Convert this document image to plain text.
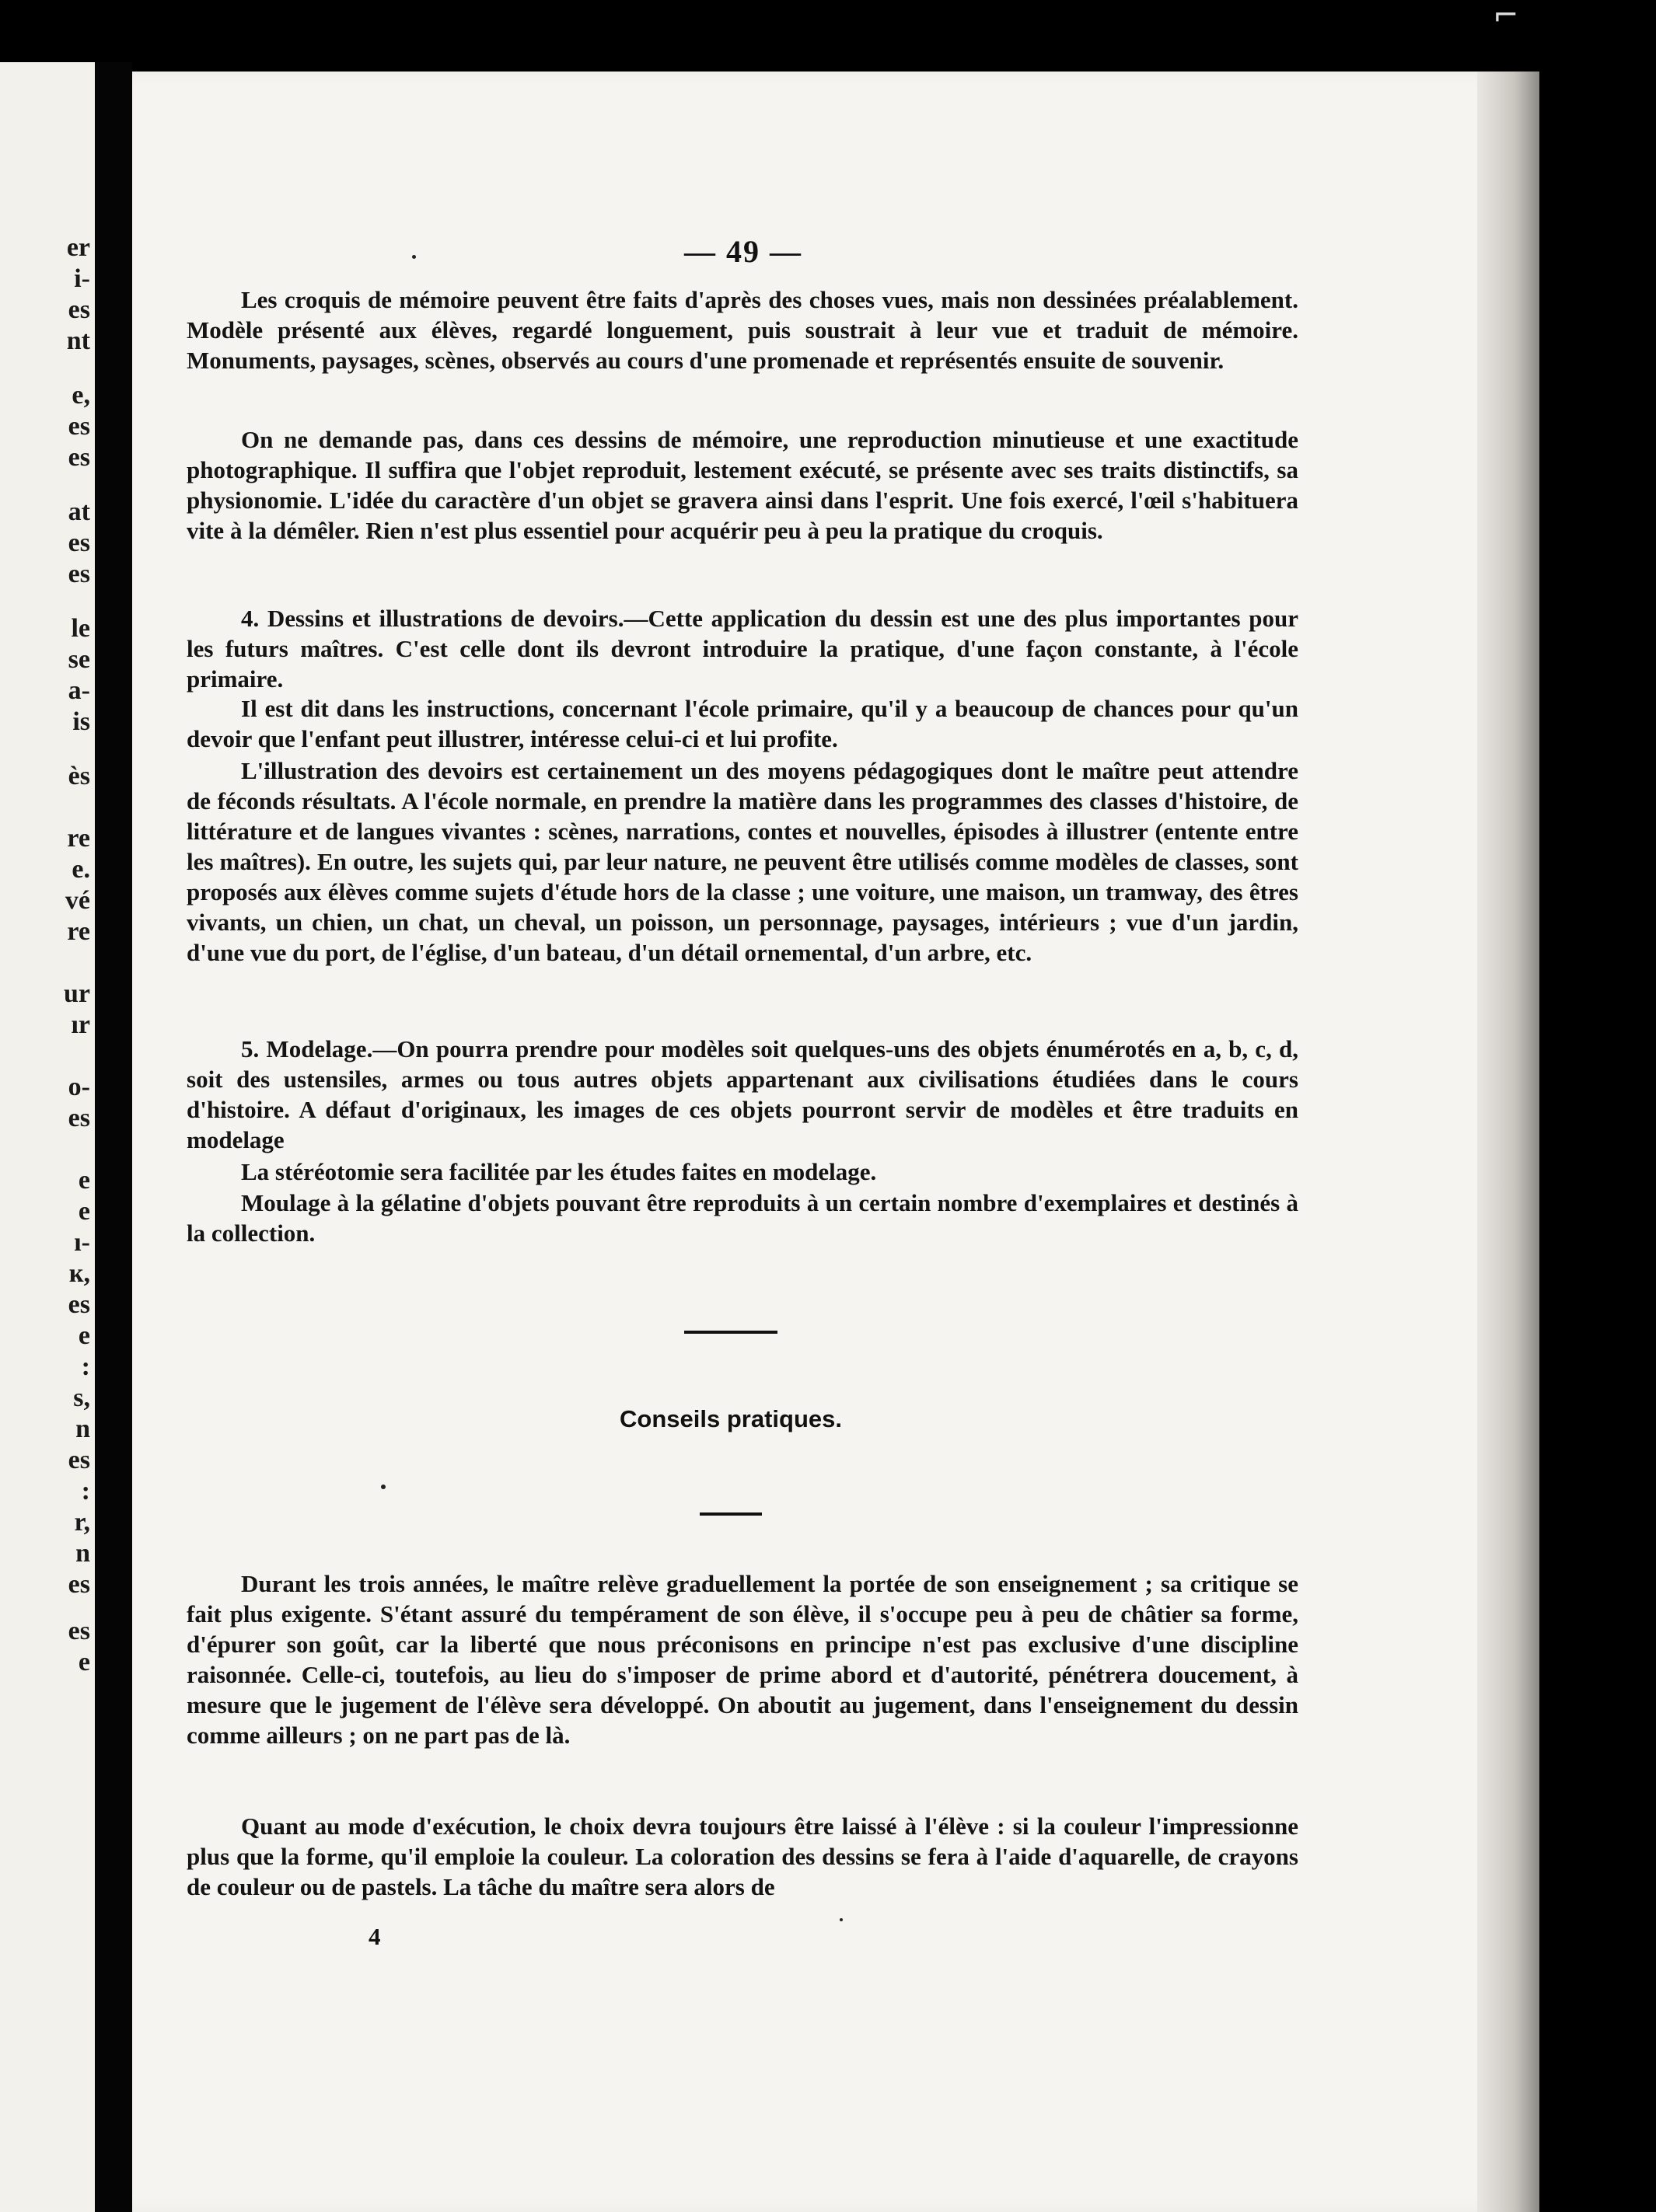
er
i-
es
nt
e,
es
es
at
es
es
le
se
a-
is
ès
re
e.
vé
re
ur
ır
o-
es
e
e
ı-
ĸ,
es
e
:
s,
n
es
:
r,
n
es
es
e
⌐
— 49 —

Les croquis de mémoire peuvent être faits d'après des choses vues, mais non dessinées préalablement. Modèle présenté aux élèves, regardé longuement, puis soustrait à leur vue et traduit de mémoire. Monuments, paysages, scènes, observés au cours d'une promenade et représentés ensuite de souvenir.

On ne demande pas, dans ces dessins de mémoire, une reproduction minutieuse et une exactitude photographique. Il suffira que l'objet reproduit, lestement exécuté, se présente avec ses traits distinctifs, sa physionomie. L'idée du caractère d'un objet se gravera ainsi dans l'esprit. Une fois exercé, l'œil s'habituera vite à la démêler. Rien n'est plus essentiel pour acquérir peu à peu la pratique du croquis.

4. Dessins et illustrations de devoirs.—Cette application du dessin est une des plus importantes pour les futurs maîtres. C'est celle dont ils devront introduire la pratique, d'une façon constante, à l'école primaire.

Il est dit dans les instructions, concernant l'école primaire, qu'il y a beaucoup de chances pour qu'un devoir que l'enfant peut illustrer, intéresse celui-ci et lui profite.

L'illustration des devoirs est certainement un des moyens pédagogiques dont le maître peut attendre de féconds résultats. A l'école normale, en prendre la matière dans les programmes des classes d'histoire, de littérature et de langues vivantes : scènes, narrations, contes et nouvelles, épisodes à illustrer (entente entre les maîtres). En outre, les sujets qui, par leur nature, ne peuvent être utilisés comme modèles de classes, sont proposés aux élèves comme sujets d'étude hors de la classe ; une voiture, une maison, un tramway, des êtres vivants, un chien, un chat, un cheval, un poisson, un personnage, paysages, intérieurs ; vue d'un jardin, d'une vue du port, de l'église, d'un bateau, d'un détail ornemental, d'un arbre, etc.

5. Modelage.—On pourra prendre pour modèles soit quelques-uns des objets énumérotés en a, b, c, d, soit des ustensiles, armes ou tous autres objets appartenant aux civilisations étudiées dans le cours d'histoire. A défaut d'originaux, les images de ces objets pourront servir de modèles et être traduits en modelage

La stéréotomie sera facilitée par les études faites en modelage.

Moulage à la gélatine d'objets pouvant être reproduits à un certain nombre d'exemplaires et destinés à la collection.

Conseils pratiques.

Durant les trois années, le maître relève graduellement la portée de son enseignement ; sa critique se fait plus exigente. S'étant assuré du tempérament de son élève, il s'occupe peu à peu de châtier sa forme, d'épurer son goût, car la liberté que nous préconisons en principe n'est pas exclusive d'une discipline raisonnée. Celle-ci, toutefois, au lieu do s'imposer de prime abord et d'autorité, pénétrera doucement, à mesure que le jugement de l'élève sera développé. On aboutit au jugement, dans l'enseignement du dessin comme ailleurs ; on ne part pas de là.

Quant au mode d'exécution, le choix devra toujours être laissé à l'élève : si la couleur l'impressionne plus que la forme, qu'il emploie la couleur. La coloration des dessins se fera à l'aide d'aquarelle, de crayons de couleur ou de pastels. La tâche du maître sera alors de

4
